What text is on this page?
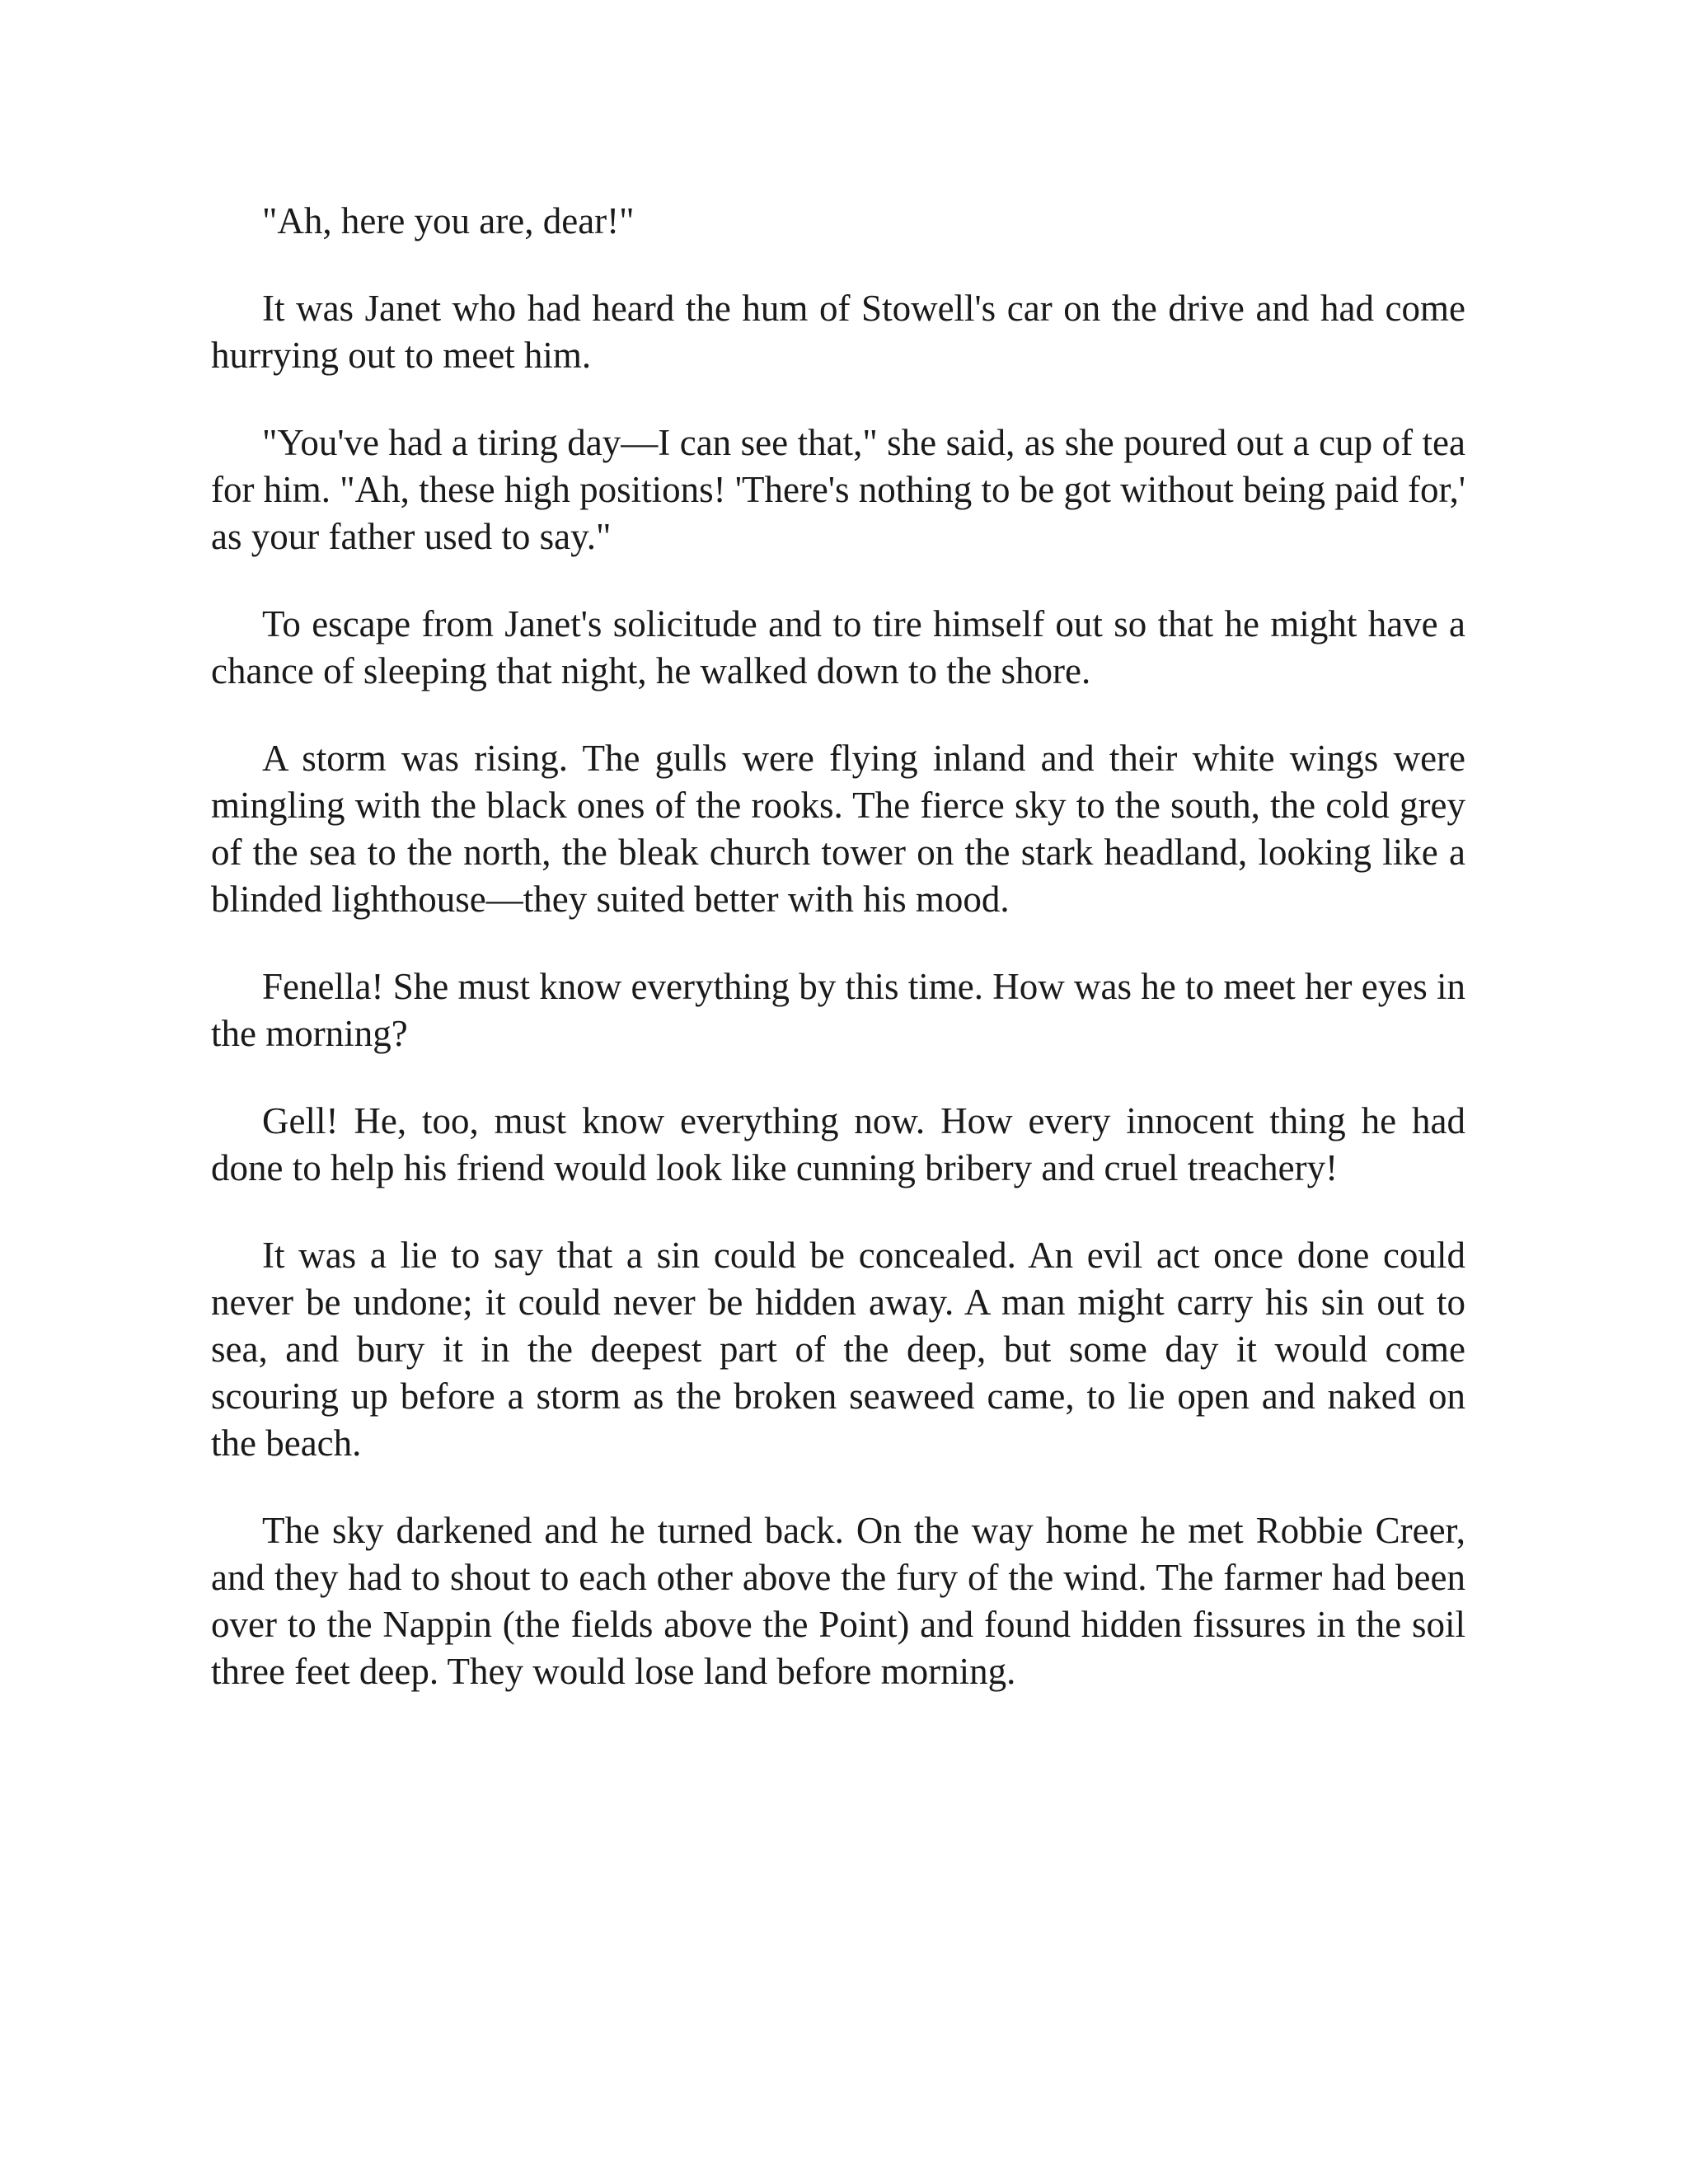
"Ah, here you are, dear!"

It was Janet who had heard the hum of Stowell's car on the drive and had come hurrying out to meet him.

"You've had a tiring day—I can see that," she said, as she poured out a cup of tea for him. "Ah, these high positions! 'There's nothing to be got without being paid for,' as your father used to say."

To escape from Janet's solicitude and to tire himself out so that he might have a chance of sleeping that night, he walked down to the shore.

A storm was rising. The gulls were flying inland and their white wings were mingling with the black ones of the rooks. The fierce sky to the south, the cold grey of the sea to the north, the bleak church tower on the stark headland, looking like a blinded lighthouse—they suited better with his mood.

Fenella! She must know everything by this time. How was he to meet her eyes in the morning?

Gell! He, too, must know everything now. How every innocent thing he had done to help his friend would look like cunning bribery and cruel treachery!

It was a lie to say that a sin could be concealed. An evil act once done could never be undone; it could never be hidden away. A man might carry his sin out to sea, and bury it in the deepest part of the deep, but some day it would come scouring up before a storm as the broken seaweed came, to lie open and naked on the beach.

The sky darkened and he turned back. On the way home he met Robbie Creer, and they had to shout to each other above the fury of the wind. The farmer had been over to the Nappin (the fields above the Point) and found hidden fissures in the soil three feet deep. They would lose land before morning.
